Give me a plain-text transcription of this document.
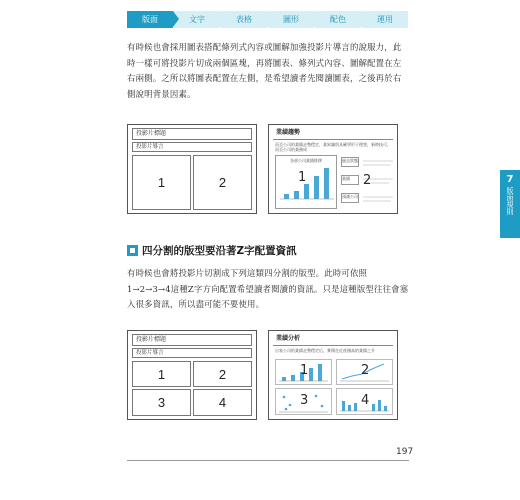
版面	文字	表格	圖形	配色	運用
有時候也會採用圖表搭配條列式內容或圖解加強投影片導言的說服力，此時一樣可將投影片切成兩個區塊，再將圖表、條列式內容、圖解配置在左右兩側。之所以將圖表配置在左側，是希望讀者先閱讀圖表，之後再於右側說明背景因素。
投影片標題
投影片導言
1	2
業績趨勢
而至公司的業績走勢穩定，業界識別具確學形于理想，新時技可，而至公司的業務成
各部公司業績推移
1
過去狀態
業績
預測公司
2	7
版面規則
四分割的版型要沿著Z字配置資訊
有時候也會將投影片切割成下列這類四分割的版型。此時可依照1→2→3→4這種Z字方向配置希望讀者閱讀的資訊。只是這種版型往往會塞入很多資訊，所以盡可能不要使用。
投影片標題
投影片導言
1	2
3	4
業績分析
自家公司的業績走勢穩定后，實積在近夜國高的業績之升
1	2
3	4
197
